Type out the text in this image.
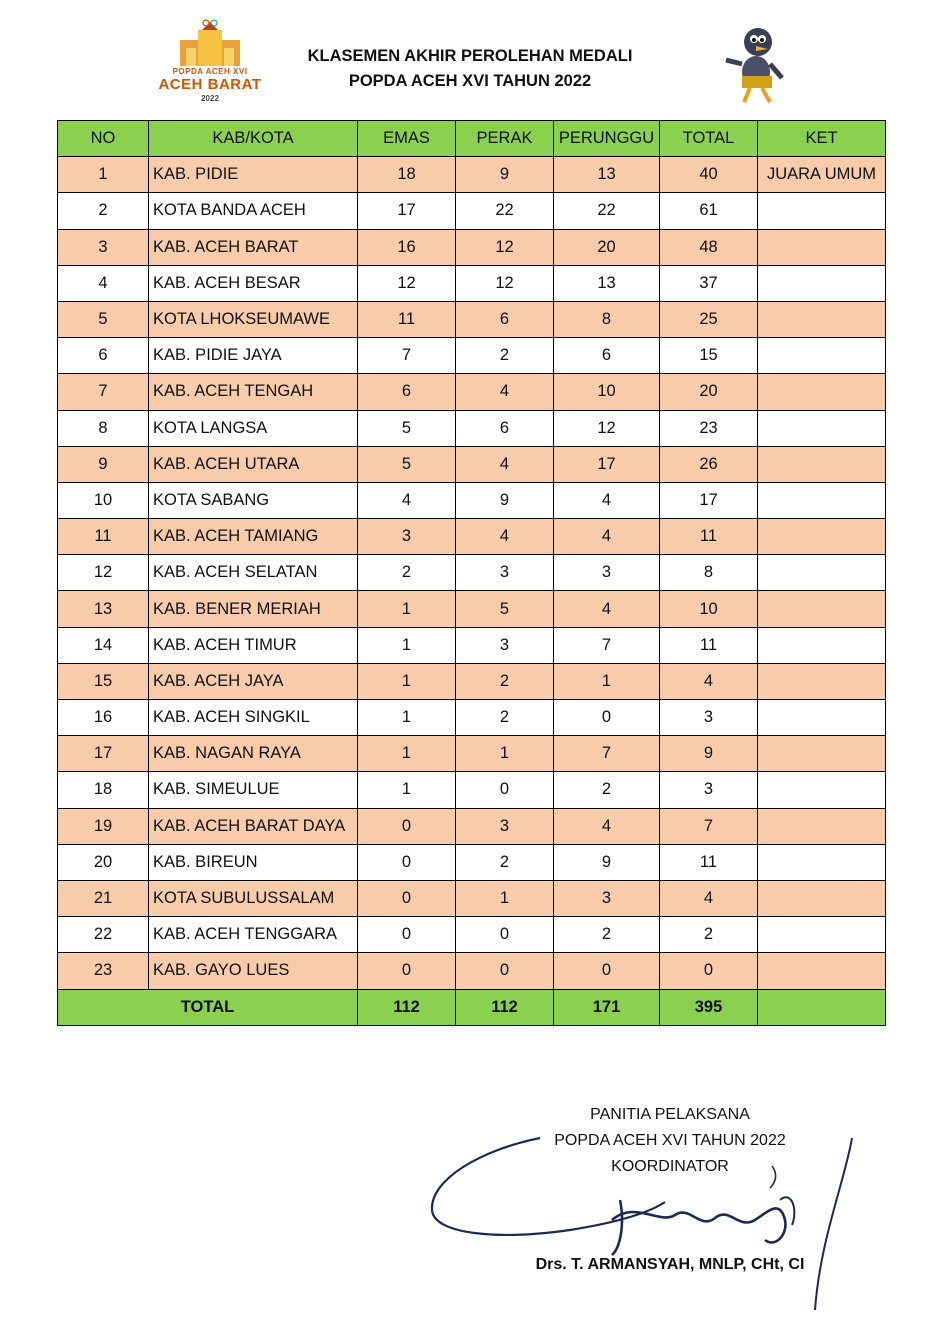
POPDA ACEH XVI
ACEH BARAT
2022
KLASEMEN AKHIR PEROLEHAN MEDALI
POPDA ACEH XVI TAHUN 2022
NO	KAB/KOTA	EMAS	PERAK	PERUNGGU	TOTAL	KET
1	KAB. PIDIE	18	9	13	40	JUARA UMUM
2	KOTA BANDA ACEH	17	22	22	61	
3	KAB. ACEH BARAT	16	12	20	48	
4	KAB. ACEH BESAR	12	12	13	37	
5	KOTA LHOKSEUMAWE	11	6	8	25	
6	KAB. PIDIE JAYA	7	2	6	15	
7	KAB. ACEH TENGAH	6	4	10	20	
8	KOTA LANGSA	5	6	12	23	
9	KAB. ACEH UTARA	5	4	17	26	
10	KOTA SABANG	4	9	4	17	
11	KAB. ACEH TAMIANG	3	4	4	11	
12	KAB. ACEH SELATAN	2	3	3	8	
13	KAB. BENER MERIAH	1	5	4	10	
14	KAB. ACEH TIMUR	1	3	7	11	
15	KAB. ACEH JAYA	1	2	1	4	
16	KAB. ACEH SINGKIL	1	2	0	3	
17	KAB. NAGAN RAYA	1	1	7	9	
18	KAB. SIMEULUE	1	0	2	3	
19	KAB. ACEH BARAT DAYA	0	3	4	7	
20	KAB. BIREUN	0	2	9	11	
21	KOTA SUBULUSSALAM	0	1	3	4	
22	KAB. ACEH TENGGARA	0	0	2	2	
23	KAB. GAYO LUES	0	0	0	0	
TOTAL		112	112	171	395	
PANITIA PELAKSANA
POPDA ACEH XVI TAHUN 2022
KOORDINATOR
Drs. T. ARMANSYAH, MNLP, CHt, CI
